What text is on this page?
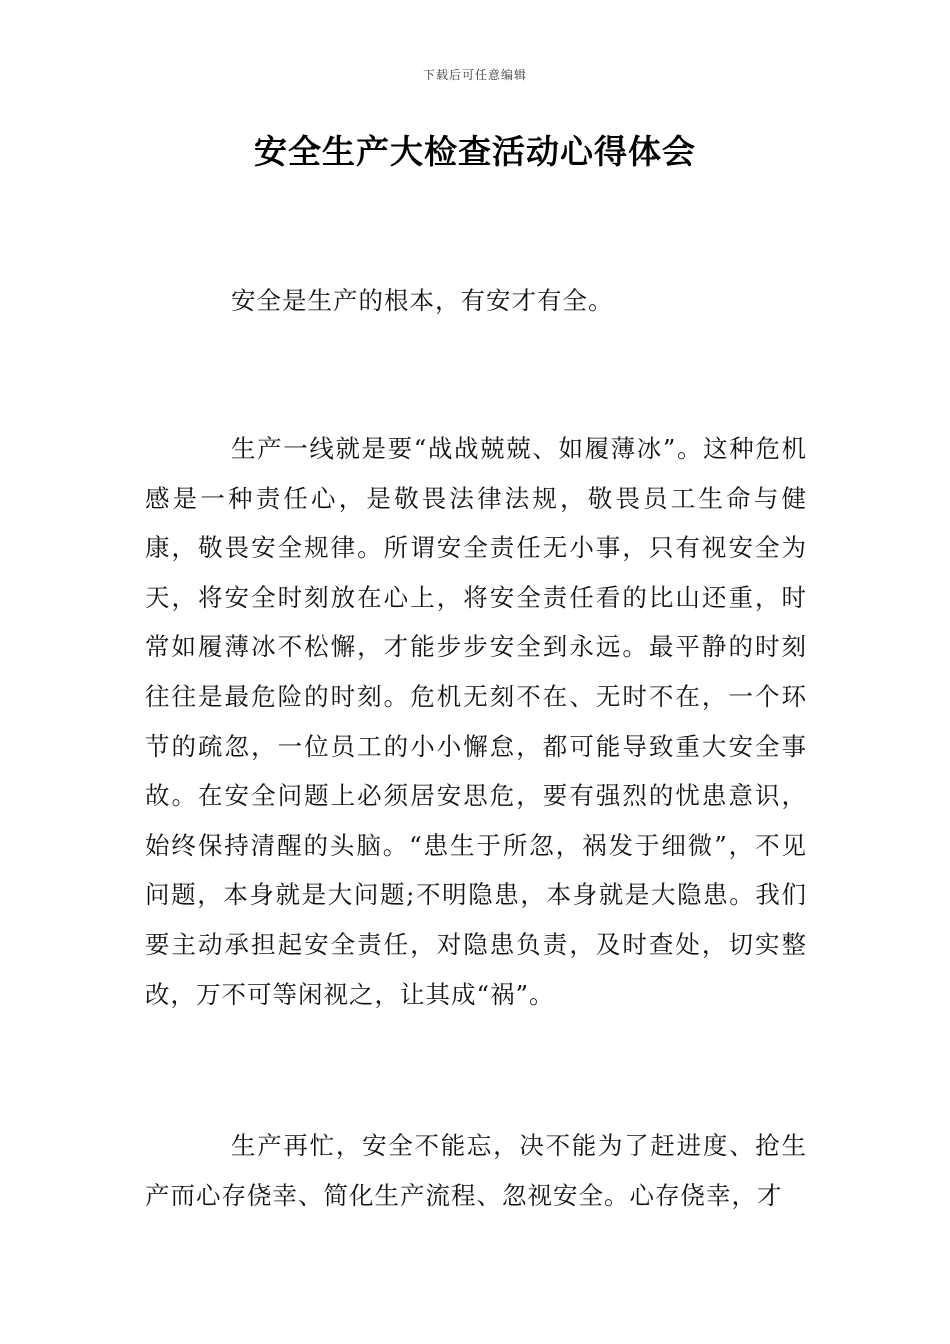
下载后可任意编辑
安全生产大检查活动心得体会

安全是生产的根本，有安才有全。

生产一线就是要“战战兢兢、如履薄冰”。这种危机感是一种责任心，是敬畏法律法规，敬畏员工生命与健康，敬畏安全规律。所谓安全责任无小事，只有视安全为天，将安全时刻放在心上，将安全责任看的比山还重，时常如履薄冰不松懈，才能步步安全到永远。最平静的时刻往往是最危险的时刻。危机无刻不在、无时不在，一个环节的疏忽，一位员工的小小懈怠，都可能导致重大安全事故。在安全问题上必须居安思危，要有强烈的忧患意识，始终保持清醒的头脑。“患生于所忽，祸发于细微”，不见问题，本身就是大问题;不明隐患，本身就是大隐患。我们要主动承担起安全责任，对隐患负责，及时查处，切实整改，万不可等闲视之，让其成“祸”。

生产再忙，安全不能忘，决不能为了赶进度、抢生产而心存侥幸、简化生产流程、忽视安全。心存侥幸，才
